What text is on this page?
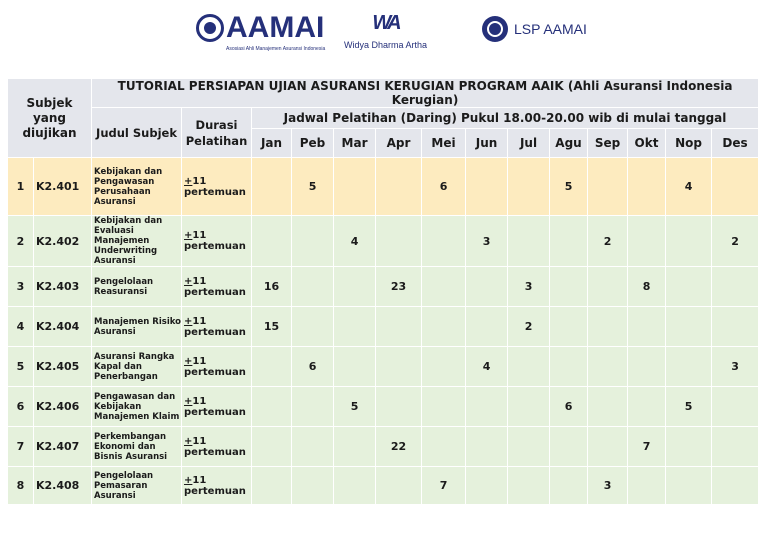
AAMAI
Asosiasi Ahli Manajemen Asuransi Indonesia
WA
Widya Dharma Artha
LSP AAMAI
Subjek yang diujikan		TUTORIAL PERSIAPAN UJIAN ASURANSI KERUGIAN PROGRAM AAIK (Ahli Asuransi Indonesia Kerugian)													
		Judul Subjek	Durasi Pelatihan	Jadwal Pelatihan (Daring) Pukul 18.00-20.00 wib di mulai tanggal											
				Jan	Peb	Mar	Apr	Mei	Jun	Jul	Agu	Sep	Okt	Nop	Des
1	K2.401	Kebijakan dan Pengawasan Perusahaan Asuransi	+11 pertemuan		5			6			5			4	
2	K2.402	Kebijakan dan Evaluasi Manajemen Underwriting Asuransi	+11 pertemuan			4			3			2			2
3	K2.403	Pengelolaan Reasuransi	+11 pertemuan	16			23			3			8		
4	K2.404	Manajemen Risiko Asuransi	+11 pertemuan	15						2					
5	K2.405	Asuransi Rangka Kapal dan Penerbangan	+11 pertemuan		6				4						3
6	K2.406	Pengawasan dan Kebijakan Manajemen Klaim	+11 pertemuan			5					6			5	
7	K2.407	Perkembangan Ekonomi dan Bisnis Asuransi	+11 pertemuan				22						7		
8	K2.408	Pengelolaan Pemasaran Asuransi	+11 pertemuan					7				3			
